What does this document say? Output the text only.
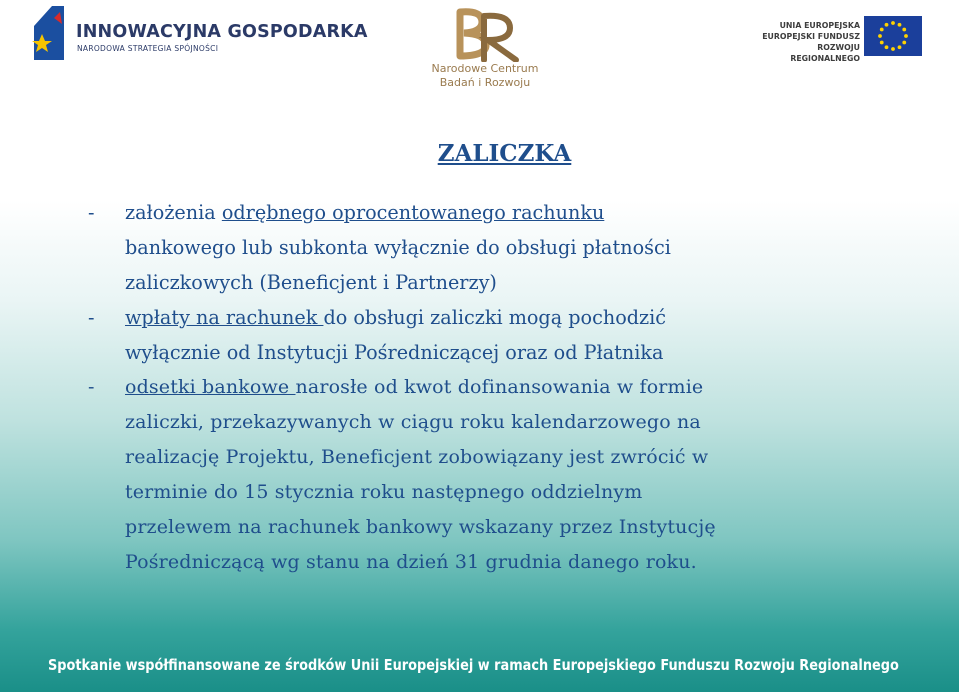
INNOWACYJNA GOSPODARKA
NARODOWA STRATEGIA SPÓJNOŚCI
Narodowe Centrum
Badań i Rozwoju
UNIA EUROPEJSKA
EUROPEJSKI FUNDUSZ
ROZWOJU REGIONALNEGO
ZALICZKA
- założenia odrębnego oprocentowanego rachunku
bankowego lub subkonta wyłącznie do obsługi płatności
zaliczkowych (Beneficjent i Partnerzy)
- wpłaty na rachunek do obsługi zaliczki mogą pochodzić
wyłącznie od Instytucji Pośredniczącej oraz od Płatnika
- odsetki bankowe narosłe od kwot dofinansowania w formie
zaliczki, przekazywanych w ciągu roku kalendarzowego na
realizację Projektu, Beneficjent zobowiązany jest zwrócić w
terminie do 15 stycznia roku następnego oddzielnym
przelewem na rachunek bankowy wskazany przez Instytucję
Pośredniczącą wg stanu na dzień 31 grudnia danego roku.
Spotkanie współfinansowane ze środków Unii Europejskiej w ramach Europejskiego Funduszu Rozwoju Regionalnego
